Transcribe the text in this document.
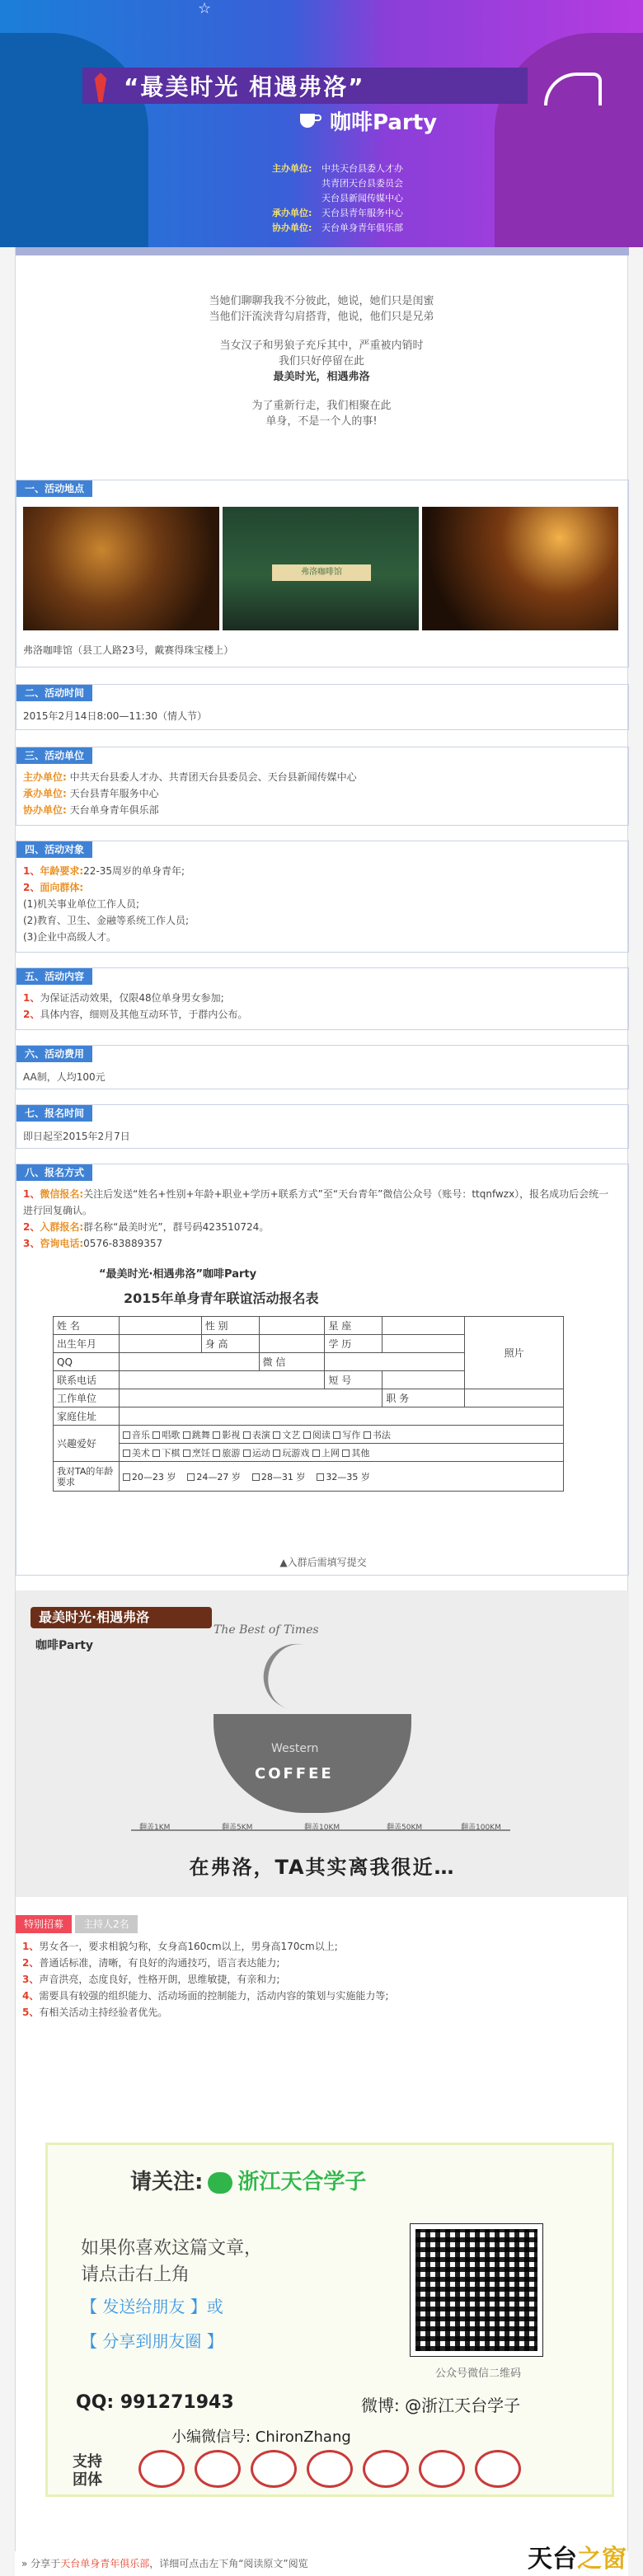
☆
“最美时光 相遇弗洛”
咖啡Party
主办单位: 中共天台县委人才办
共青团天台县委员会
天台县新闻传媒中心
承办单位: 天台县青年服务中心
协办单位: 天台单身青年俱乐部

当她们聊聊我我不分彼此，她说，她们只是闺蜜

当他们汗流浃背勾肩搭背，他说，他们只是兄弟

当女汉子和男狼子充斥其中，严重被内销时

我们只好停留在此

最美时光，相遇弗洛

为了重新行走，我们相聚在此

单身，不是一个人的事!

一、活动地点
弗洛咖啡馆
弗洛咖啡馆（县工人路23号，戴赛得珠宝楼上）
二、活动时间
2015年2月14日8:00—11:30（情人节）
三、活动单位
主办单位: 中共天台县委人才办、共青团天台县委员会、天台县新闻传媒中心
承办单位: 天台县青年服务中心
协办单位: 天台单身青年俱乐部
四、活动对象
1、年龄要求:22-35周岁的单身青年;
2、面向群体:
(1)机关事业单位工作人员;
(2)教育、卫生、金融等系统工作人员;
(3)企业中高级人才。
五、活动内容
1、为保证活动效果，仅限48位单身男女参加;
2、具体内容，细则及其他互动环节，于群内公布。
六、活动费用
AA制，人均100元
七、报名时间
即日起至2015年2月7日
八、报名方式
1、微信报名:关注后发送“姓名+性别+年龄+职业+学历+联系方式”至“天台青年”微信公众号（账号：ttqnfwzx），报名成功后会统一进行回复确认。
2、入群报名:群名称“最美时光”，群号码423510724。
3、咨询电话:0576-83889357
“最美时光·相遇弗洛”咖啡Party
2015年单身青年联谊活动报名表
姓 名		性 别		星 座		照片
出生年月		身 高		学 历		
QQ			微 信			
联系电话				短 号		
工作单位					职 务	
家庭住址						
兴趣爱好	音乐 唱歌 跳舞 影视 表演 文艺 阅读 写作 书法					
	美术 下棋 烹饪 旅游 运动 玩游戏 上网 其他					
我对TA的年龄要求	20—23 岁 24—27 岁 28—31 岁 32—35 岁					
▲入群后需填写提交
最美时光·相遇弗洛
咖啡Party
The Best of Times
Western
COFFEE
翻盖1KM	翻盖5KM	翻盖10KM	翻盖50KM	翻盖100KM
在弗洛，TA其实离我很近…
特别招募	主持人2名
1、男女各一，要求相貌匀称，女身高160cm以上，男身高170cm以上;
2、普通话标准，清晰，有良好的沟通技巧，语言表达能力;
3、声音洪亮，态度良好，性格开朗，思维敏捷，有亲和力;
4、需要具有较强的组织能力、活动场面的控制能力，活动内容的策划与实施能力等;
5、有相关活动主持经验者优先。
请关注: 浙江天合学子
如果你喜欢这篇文章，
请点击右上角
【 发送给朋友 】或
【 分享到朋友圈 】
公众号微信二维码
QQ: 991271943	微博: @浙江天台学子
小编微信号: ChironZhang
支持
团体
» 分享于天台单身青年俱乐部，详细可点击左下角“阅读原文”阅览	天台之窗
